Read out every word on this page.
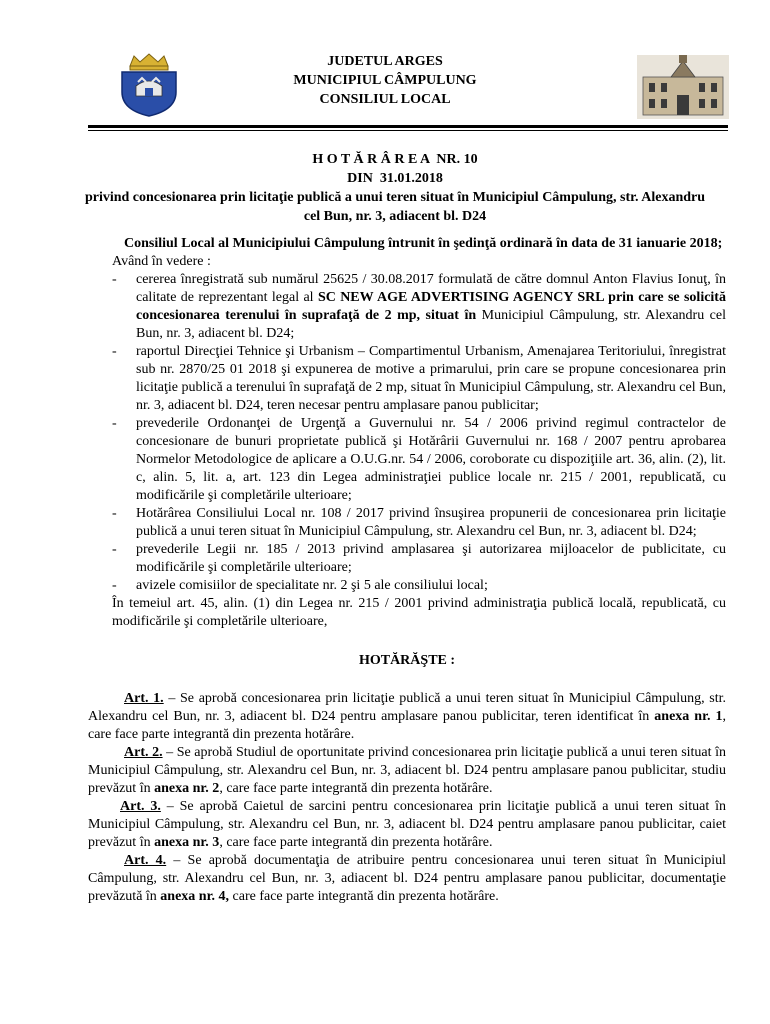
JUDETUL ARGES
MUNICIPIUL CÂMPULUNG
CONSILIUL LOCAL
H O T Ă R Â R E A  NR. 10
DIN  31.01.2018
privind concesionarea prin licitaţie publică a unui teren situat în Municipiul Câmpulung, str. Alexandru cel Bun, nr. 3, adiacent bl. D24

Consiliul Local al Municipiului Câmpulung întrunit în şedinţă ordinară în data de 31 ianuarie 2018;

Având în vedere :

- cererea înregistrată sub numărul 25625 / 30.08.2017 formulată de către domnul Anton Flavius Ionuţ, în calitate de reprezentant legal al SC NEW AGE ADVERTISING AGENCY SRL prin care se solicită concesionarea terenului în suprafaţă de 2 mp, situat în Municipiul Câmpulung, str. Alexandru cel Bun, nr. 3, adiacent bl. D24;
- raportul Direcţiei Tehnice şi Urbanism – Compartimentul Urbanism, Amenajarea Teritoriului, înregistrat sub nr. 2870/25 01 2018 şi expunerea de motive a primarului, prin care se propune concesionarea prin licitaţie publică a terenului în suprafaţă de 2 mp, situat în Municipiul Câmpulung, str. Alexandru cel Bun, nr. 3, adiacent bl. D24, teren necesar pentru amplasare panou publicitar;
- prevederile Ordonanţei de Urgenţă a Guvernului nr. 54 / 2006 privind regimul contractelor de concesionare de bunuri proprietate publică şi Hotărârii Guvernului nr. 168 / 2007 pentru aprobarea Normelor Metodologice de aplicare a O.U.G.nr. 54 / 2006, coroborate cu dispoziţiile art. 36, alin. (2), lit. c, alin. 5, lit. a, art. 123 din Legea administraţiei publice locale nr. 215 / 2001, republicată, cu modificările şi completările ulterioare;
- Hotărârea Consiliului Local nr. 108 / 2017 privind însuşirea propunerii de concesionarea prin licitaţie publică a unui teren situat în Municipiul Câmpulung, str. Alexandru cel Bun, nr. 3, adiacent bl. D24;
- prevederile Legii nr. 185 / 2013 privind amplasarea şi autorizarea mijloacelor de publicitate, cu modificările şi completările ulterioare;
- avizele comisiilor de specialitate nr. 2 şi 5 ale consiliului local;

În temeiul art. 45, alin. (1) din Legea nr. 215 / 2001 privind administraţia publică locală, republicată, cu modificările şi completările ulterioare,

HOTĂRĂŞTE :

Art. 1. – Se aprobă concesionarea prin licitaţie publică a unui teren situat în Municipiul Câmpulung, str. Alexandru cel Bun, nr. 3, adiacent bl. D24 pentru amplasare panou publicitar, teren identificat în anexa nr. 1, care face parte integrantă din prezenta hotărâre.

Art. 2. – Se aprobă Studiul de oportunitate privind concesionarea prin licitaţie publică a unui teren situat în Municipiul Câmpulung, str. Alexandru cel Bun, nr. 3, adiacent bl. D24 pentru amplasare panou publicitar, studiu prevăzut în anexa nr. 2, care face parte integrantă din prezenta hotărâre.

Art. 3. – Se aprobă Caietul de sarcini pentru concesionarea prin licitaţie publică a unui teren situat în Municipiul Câmpulung, str. Alexandru cel Bun, nr. 3, adiacent bl. D24 pentru amplasare panou publicitar, caiet prevăzut în anexa nr. 3, care face parte integrantă din prezenta hotărâre.

Art. 4. – Se aprobă documentaţia de atribuire pentru concesionarea unui teren situat în Municipiul Câmpulung, str. Alexandru cel Bun, nr. 3, adiacent bl. D24 pentru amplasare panou publicitar, documentaţie prevăzută în anexa nr. 4, care face parte integrantă din prezenta hotărâre.
